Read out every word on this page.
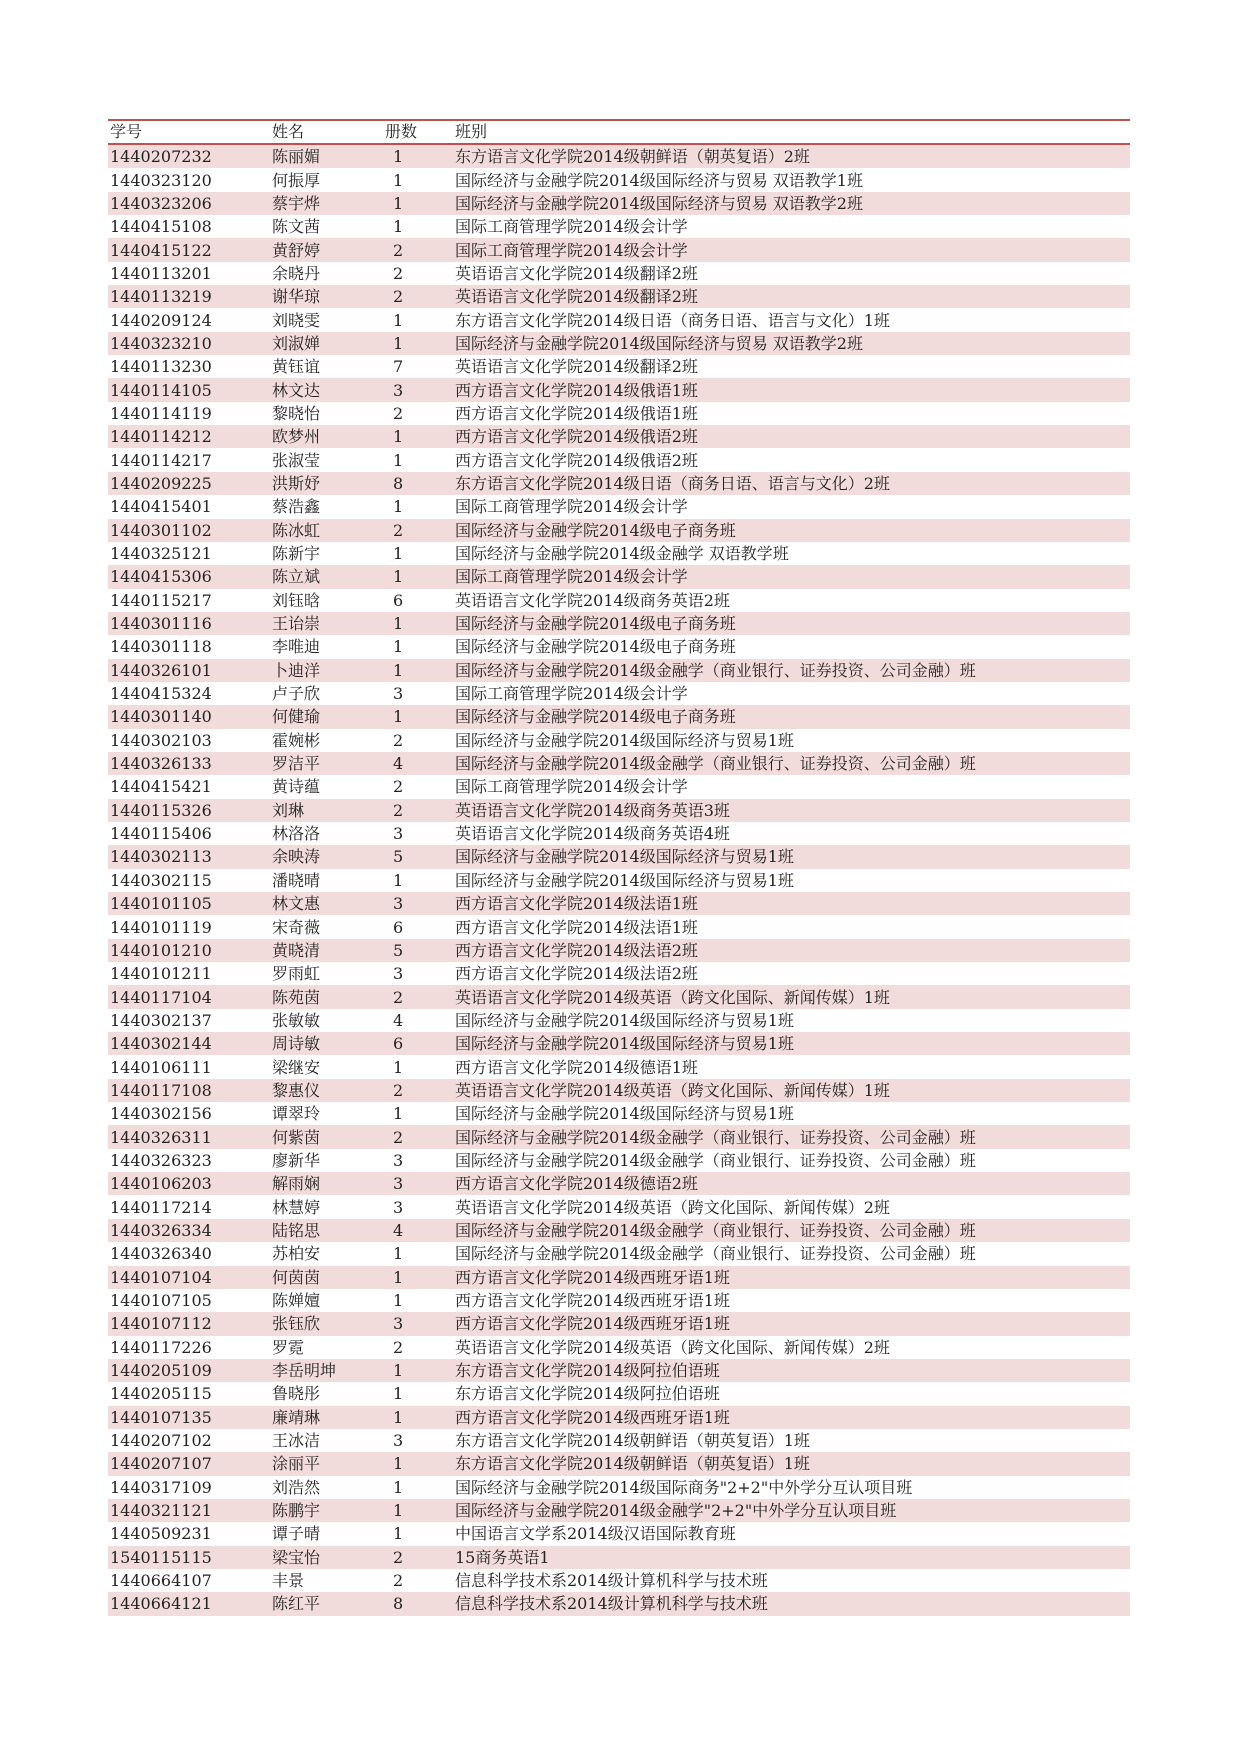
学号	姓名	册数	班别
1440207232	陈丽媚	1	东方语言文化学院2014级朝鲜语（朝英复语）2班
1440323120	何振厚	1	国际经济与金融学院2014级国际经济与贸易 双语教学1班
1440323206	蔡宇烨	1	国际经济与金融学院2014级国际经济与贸易 双语教学2班
1440415108	陈文茜	1	国际工商管理学院2014级会计学
1440415122	黄舒婷	2	国际工商管理学院2014级会计学
1440113201	余晓丹	2	英语语言文化学院2014级翻译2班
1440113219	谢华琼	2	英语语言文化学院2014级翻译2班
1440209124	刘晓雯	1	东方语言文化学院2014级日语（商务日语、语言与文化）1班
1440323210	刘淑婵	1	国际经济与金融学院2014级国际经济与贸易 双语教学2班
1440113230	黄钰谊	7	英语语言文化学院2014级翻译2班
1440114105	林文达	3	西方语言文化学院2014级俄语1班
1440114119	黎晓怡	2	西方语言文化学院2014级俄语1班
1440114212	欧梦州	1	西方语言文化学院2014级俄语2班
1440114217	张淑莹	1	西方语言文化学院2014级俄语2班
1440209225	洪斯妤	8	东方语言文化学院2014级日语（商务日语、语言与文化）2班
1440415401	蔡浩鑫	1	国际工商管理学院2014级会计学
1440301102	陈冰虹	2	国际经济与金融学院2014级电子商务班
1440325121	陈新宇	1	国际经济与金融学院2014级金融学 双语教学班
1440415306	陈立斌	1	国际工商管理学院2014级会计学
1440115217	刘钰晗	6	英语语言文化学院2014级商务英语2班
1440301116	王诒崇	1	国际经济与金融学院2014级电子商务班
1440301118	李唯迪	1	国际经济与金融学院2014级电子商务班
1440326101	卜迪洋	1	国际经济与金融学院2014级金融学（商业银行、证券投资、公司金融）班
1440415324	卢子欣	3	国际工商管理学院2014级会计学
1440301140	何健瑜	1	国际经济与金融学院2014级电子商务班
1440302103	霍婉彬	2	国际经济与金融学院2014级国际经济与贸易1班
1440326133	罗洁平	4	国际经济与金融学院2014级金融学（商业银行、证券投资、公司金融）班
1440415421	黄诗蕴	2	国际工商管理学院2014级会计学
1440115326	刘琳	2	英语语言文化学院2014级商务英语3班
1440115406	林洛洛	3	英语语言文化学院2014级商务英语4班
1440302113	余映涛	5	国际经济与金融学院2014级国际经济与贸易1班
1440302115	潘晓晴	1	国际经济与金融学院2014级国际经济与贸易1班
1440101105	林文惠	3	西方语言文化学院2014级法语1班
1440101119	宋奇薇	6	西方语言文化学院2014级法语1班
1440101210	黄晓清	5	西方语言文化学院2014级法语2班
1440101211	罗雨虹	3	西方语言文化学院2014级法语2班
1440117104	陈苑茵	2	英语语言文化学院2014级英语（跨文化国际、新闻传媒）1班
1440302137	张敏敏	4	国际经济与金融学院2014级国际经济与贸易1班
1440302144	周诗敏	6	国际经济与金融学院2014级国际经济与贸易1班
1440106111	梁继安	1	西方语言文化学院2014级德语1班
1440117108	黎惠仪	2	英语语言文化学院2014级英语（跨文化国际、新闻传媒）1班
1440302156	谭翠玲	1	国际经济与金融学院2014级国际经济与贸易1班
1440326311	何紫茵	2	国际经济与金融学院2014级金融学（商业银行、证券投资、公司金融）班
1440326323	廖新华	3	国际经济与金融学院2014级金融学（商业银行、证券投资、公司金融）班
1440106203	解雨娴	3	西方语言文化学院2014级德语2班
1440117214	林慧婷	3	英语语言文化学院2014级英语（跨文化国际、新闻传媒）2班
1440326334	陆铭思	4	国际经济与金融学院2014级金融学（商业银行、证券投资、公司金融）班
1440326340	苏柏安	1	国际经济与金融学院2014级金融学（商业银行、证券投资、公司金融）班
1440107104	何茵茵	1	西方语言文化学院2014级西班牙语1班
1440107105	陈婵嬗	1	西方语言文化学院2014级西班牙语1班
1440107112	张钰欣	3	西方语言文化学院2014级西班牙语1班
1440117226	罗霓	2	英语语言文化学院2014级英语（跨文化国际、新闻传媒）2班
1440205109	李岳明坤	1	东方语言文化学院2014级阿拉伯语班
1440205115	鲁晓彤	1	东方语言文化学院2014级阿拉伯语班
1440107135	廉靖琳	1	西方语言文化学院2014级西班牙语1班
1440207102	王冰洁	3	东方语言文化学院2014级朝鲜语（朝英复语）1班
1440207107	涂丽平	1	东方语言文化学院2014级朝鲜语（朝英复语）1班
1440317109	刘浩然	1	国际经济与金融学院2014级国际商务"2+2"中外学分互认项目班
1440321121	陈鹏宇	1	国际经济与金融学院2014级金融学"2+2"中外学分互认项目班
1440509231	谭子晴	1	中国语言文学系2014级汉语国际教育班
1540115115	梁宝怡	2	15商务英语1
1440664107	丰景	2	信息科学技术系2014级计算机科学与技术班
1440664121	陈红平	8	信息科学技术系2014级计算机科学与技术班
